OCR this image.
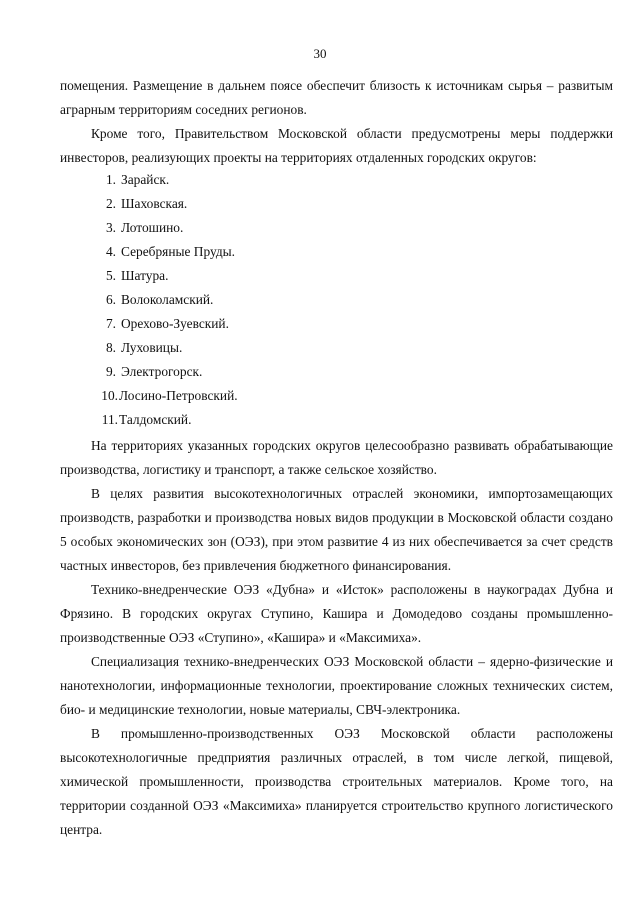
30

помещения. Размещение в дальнем поясе обеспечит близость к источникам сырья – развитым аграрным территориям соседних регионов.

Кроме того, Правительством Московской области предусмотрены меры поддержки инвесторов, реализующих проекты на территориях отдаленных городских округов:

1. Зарайск.
2. Шаховская.
3. Лотошино.
4. Серебряные Пруды.
5. Шатура.
6. Волоколамский.
7. Орехово-Зуевский.
8. Луховицы.
9. Электрогорск.
10.Лосино-Петровский.
11.Талдомский.

На территориях указанных городских округов целесообразно развивать обрабатывающие производства, логистику и транспорт, а также сельское хозяйство.

В целях развития высокотехнологичных отраслей экономики, импортозамещающих производств, разработки и производства новых видов продукции в Московской области создано 5 особых экономических зон (ОЭЗ), при этом развитие 4 из них обеспечивается за счет средств частных инвесторов, без привлечения бюджетного финансирования.

Технико-внедренческие ОЭЗ «Дубна» и «Исток» расположены в наукоградах Дубна и Фрязино. В городских округах Ступино, Кашира и Домодедово созданы промышленно-производственные ОЭЗ «Ступино», «Кашира» и «Максимиха».

Специализация технико-внедренческих ОЭЗ Московской области – ядерно-физические и нанотехнологии, информационные технологии, проектирование сложных технических систем, био- и медицинские технологии, новые материалы, СВЧ-электроника.

В промышленно-производственных ОЭЗ Московской области расположены высокотехнологичные предприятия различных отраслей, в том числе легкой, пищевой, химической промышленности, производства строительных материалов. Кроме того, на территории созданной ОЭЗ «Максимиха» планируется строительство крупного логистического центра.
